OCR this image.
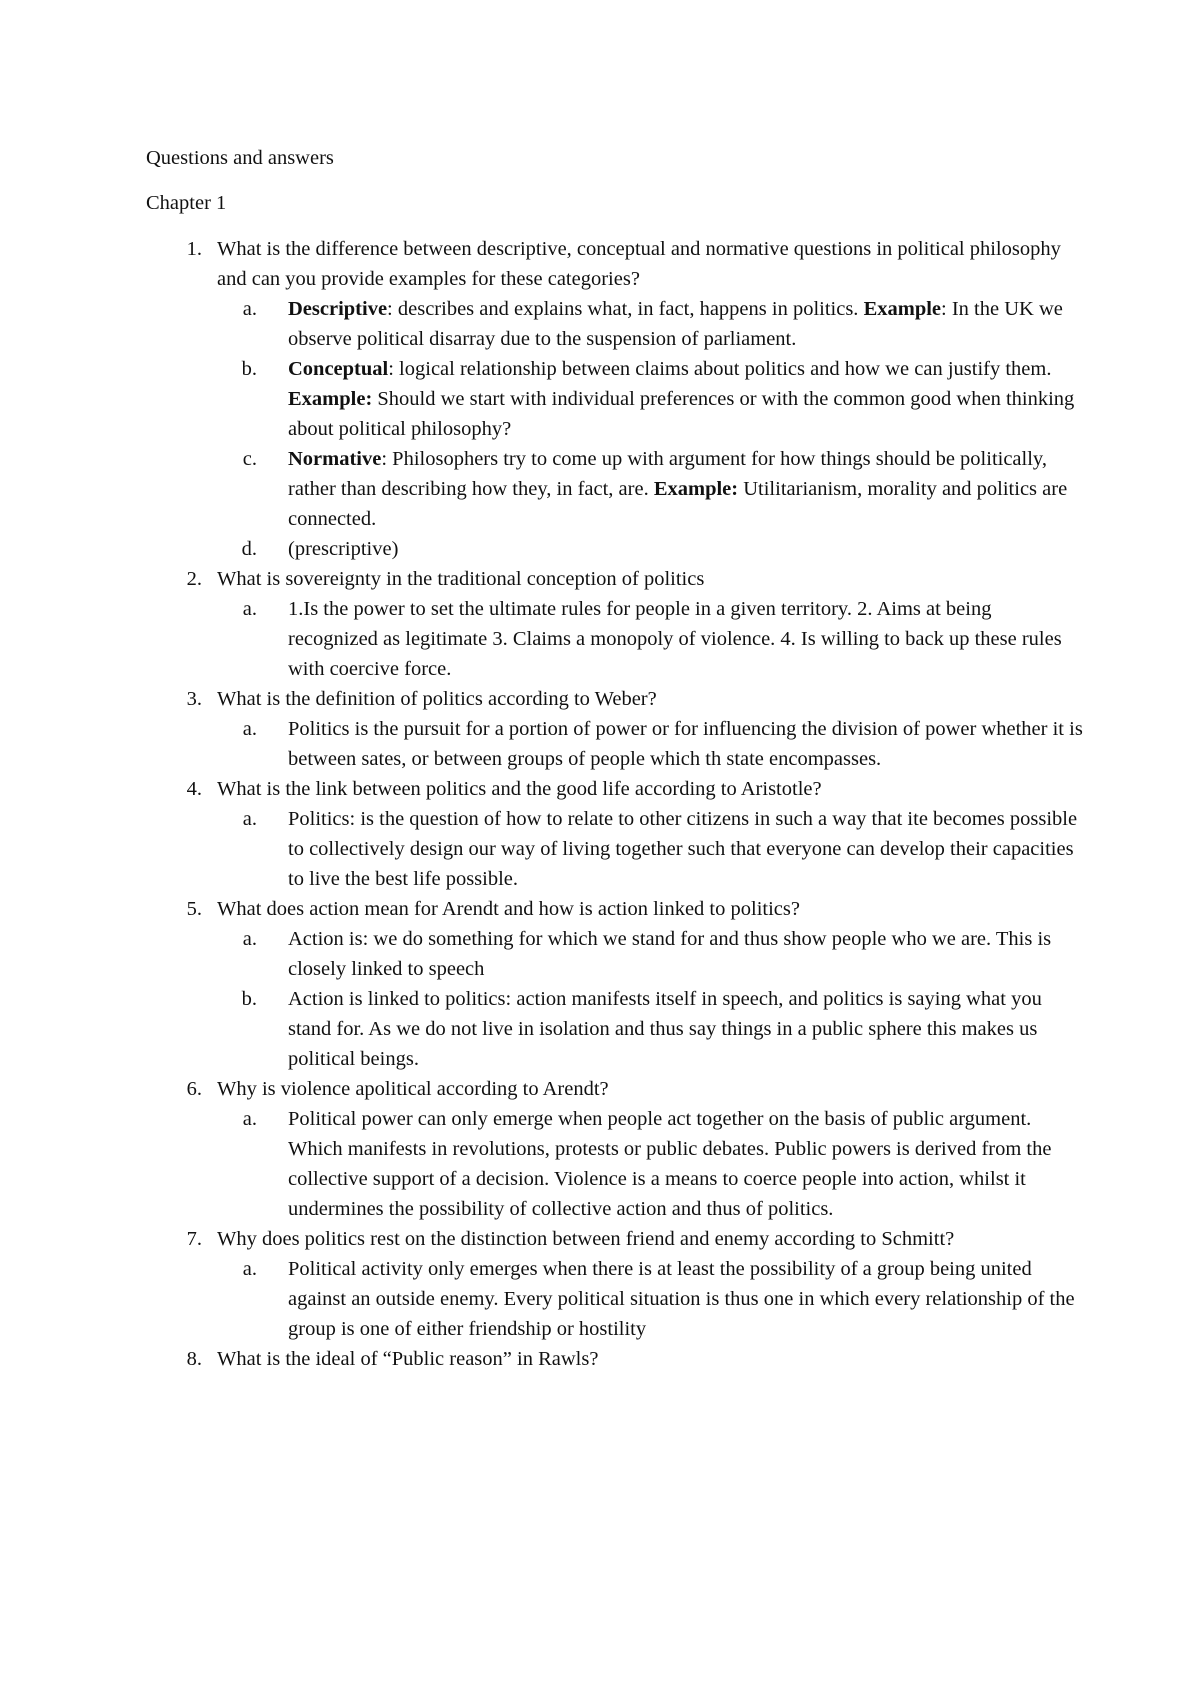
Questions and answers
Chapter 1
1. What is the difference between descriptive, conceptual and normative questions in political philosophy and can you provide examples for these categories?
a. Descriptive: describes and explains what, in fact, happens in politics. Example: In the UK we observe political disarray due to the suspension of parliament.
b. Conceptual: logical relationship between claims about politics and how we can justify them. Example: Should we start with individual preferences or with the common good when thinking about political philosophy?
c. Normative: Philosophers try to come up with argument for how things should be politically, rather than describing how they, in fact, are. Example: Utilitarianism, morality and politics are connected.
d. (prescriptive)
2. What is sovereignty in the traditional conception of politics
a. 1.Is the power to set the ultimate rules for people in a given territory. 2. Aims at being recognized as legitimate 3. Claims a monopoly of violence. 4. Is willing to back up these rules with coercive force.
3. What is the definition of politics according to Weber?
a. Politics is the pursuit for a portion of power or for influencing the division of power whether it is between sates, or between groups of people which th state encompasses.
4. What is the link between politics and the good life according to Aristotle?
a. Politics: is the question of how to relate to other citizens in such a way that ite becomes possible to collectively design our way of living together such that everyone can develop their capacities to live the best life possible.
5. What does action mean for Arendt and how is action linked to politics?
a. Action is: we do something for which we stand for and thus show people who we are. This is closely linked to speech
b. Action is linked to politics: action manifests itself in speech, and politics is saying what you stand for. As we do not live in isolation and thus say things in a public sphere this makes us political beings.
6. Why is violence apolitical according to Arendt?
a. Political power can only emerge when people act together on the basis of public argument. Which manifests in revolutions, protests or public debates. Public powers is derived from the collective support of a decision. Violence is a means to coerce people into action, whilst it undermines the possibility of collective action and thus of politics.
7. Why does politics rest on the distinction between friend and enemy according to Schmitt?
a. Political activity only emerges when there is at least the possibility of a group being united against an outside enemy. Every political situation is thus one in which every relationship of the group is one of either friendship or hostility
8. What is the ideal of “Public reason” in Rawls?
